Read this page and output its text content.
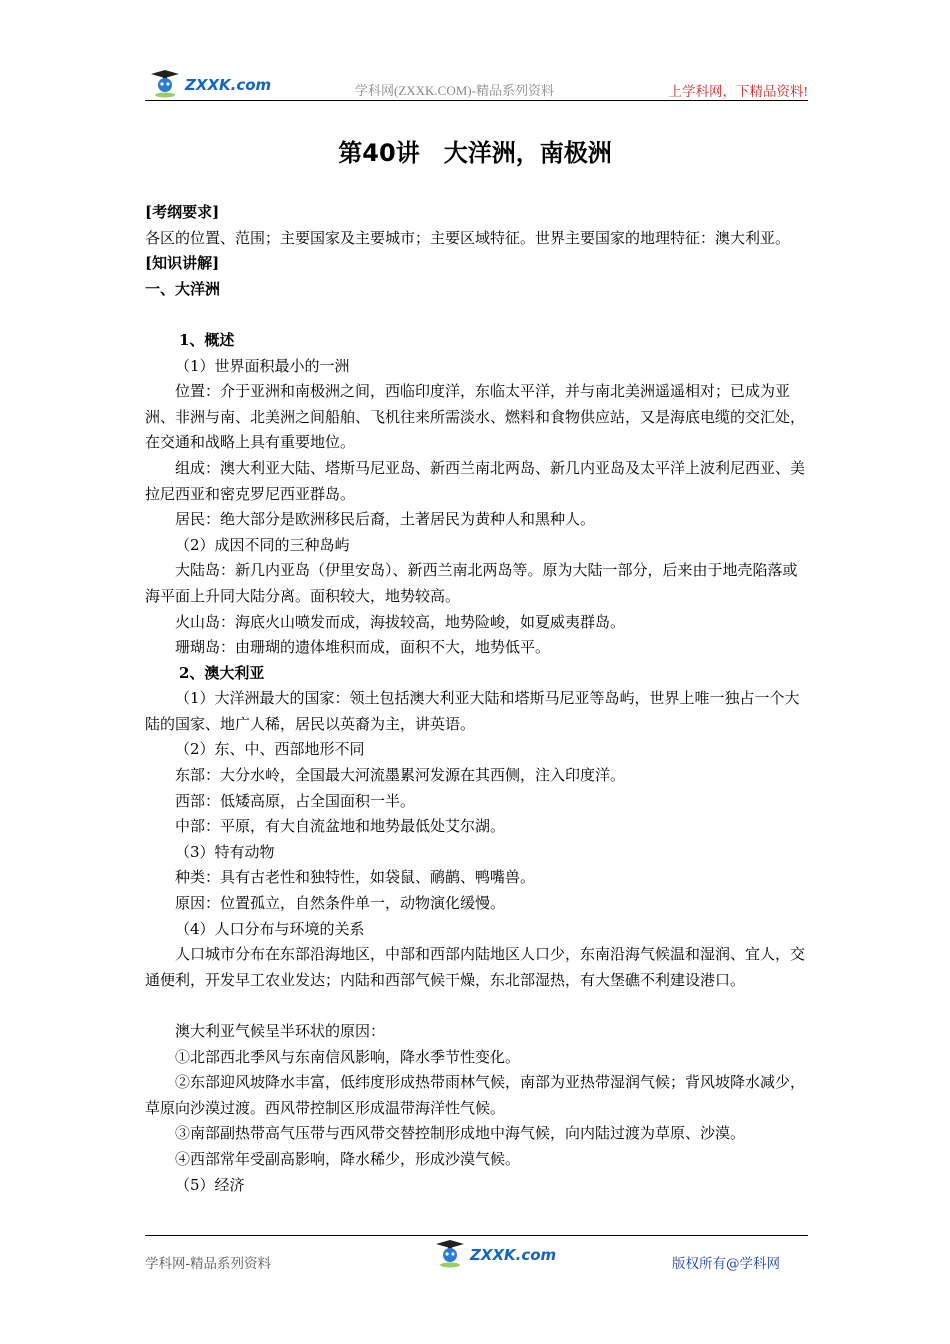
ZXXK.com	学科网(ZXXK.COM)-精品系列资料	上学科网，下精品资料!
第40讲　大洋洲，南极洲

[考纲要求]

各区的位置、范围；主要国家及主要城市；主要区域特征。世界主要国家的地理特征：澳大利亚。

[知识讲解]

一、大洋洲

1、概述

（1）世界面积最小的一洲

位置：介于亚洲和南极洲之间，西临印度洋，东临太平洋，并与南北美洲遥遥相对；已成为亚洲、非洲与南、北美洲之间船舶、飞机往来所需淡水、燃料和食物供应站，又是海底电缆的交汇处，在交通和战略上具有重要地位。

组成：澳大利亚大陆、塔斯马尼亚岛、新西兰南北两岛、新几内亚岛及太平洋上波利尼西亚、美拉尼西亚和密克罗尼西亚群岛。

居民：绝大部分是欧洲移民后裔，土著居民为黄种人和黑种人。

（2）成因不同的三种岛屿

大陆岛：新几内亚岛（伊里安岛）、新西兰南北两岛等。原为大陆一部分，后来由于地壳陷落或海平面上升同大陆分离。面积较大，地势较高。

火山岛：海底火山喷发而成，海拔较高，地势险峻，如夏威夷群岛。

珊瑚岛：由珊瑚的遗体堆积而成，面积不大，地势低平。

2、澳大利亚

（1）大洋洲最大的国家：领土包括澳大利亚大陆和塔斯马尼亚等岛屿，世界上唯一独占一个大陆的国家、地广人稀，居民以英裔为主，讲英语。

（2）东、中、西部地形不同

东部：大分水岭，全国最大河流墨累河发源在其西侧，注入印度洋。

西部：低矮高原，占全国面积一半。

中部：平原，有大自流盆地和地势最低处艾尔湖。

（3）特有动物

种类：具有古老性和独特性，如袋鼠、鸸鹋、鸭嘴兽。

原因：位置孤立，自然条件单一，动物演化缓慢。

（4）人口分布与环境的关系

人口城市分布在东部沿海地区，中部和西部内陆地区人口少，东南沿海气候温和湿润、宜人，交通便利，开发早工农业发达；内陆和西部气候干燥，东北部湿热，有大堡礁不利建设港口。

澳大利亚气候呈半环状的原因：

①北部西北季风与东南信风影响，降水季节性变化。

②东部迎风坡降水丰富，低纬度形成热带雨林气候，南部为亚热带湿润气候；背风坡降水减少，草原向沙漠过渡。西风带控制区形成温带海洋性气候。

③南部副热带高气压带与西风带交替控制形成地中海气候，向内陆过渡为草原、沙漠。

④西部常年受副高影响，降水稀少，形成沙漠气候。

（5）经济

学科网-精品系列资料	ZXXK.com	版权所有@学科网
